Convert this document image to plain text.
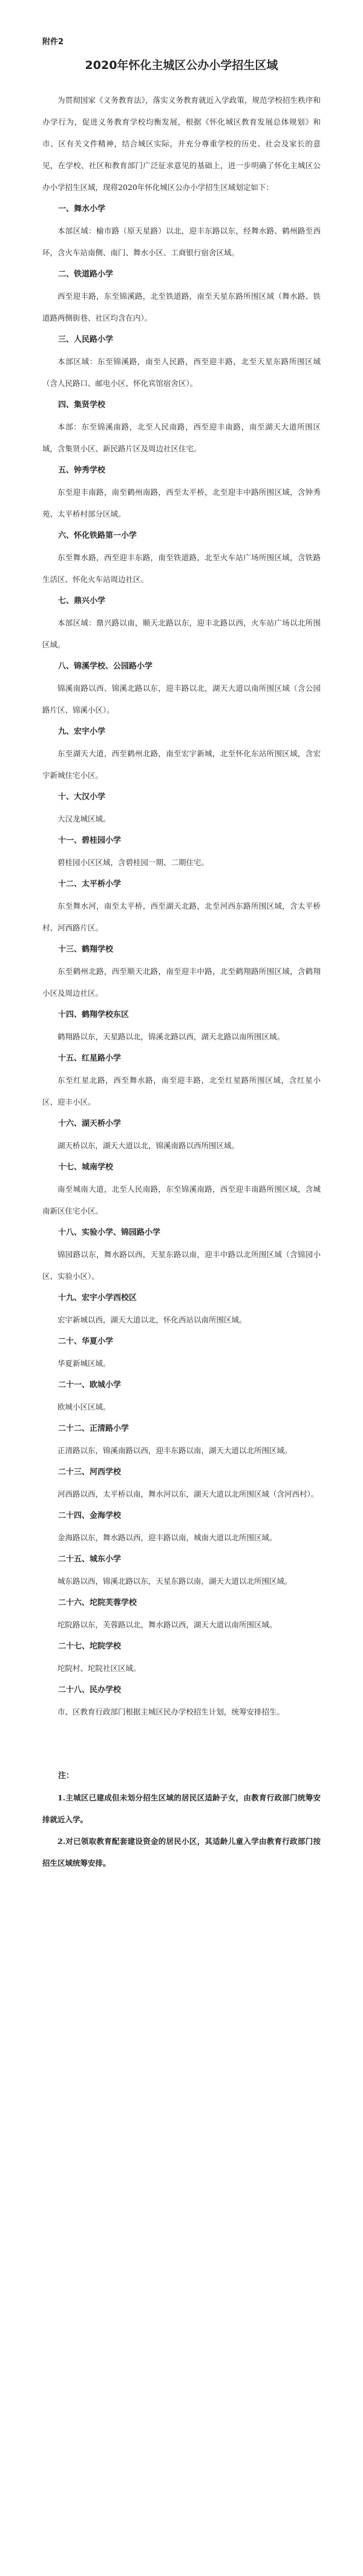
附件2
2020年怀化主城区公办小学招生区域

为贯彻国家《义务教育法》，落实义务教育就近入学政策，规范学校招生秩序和办学行为，促进义务教育学校均衡发展，根据《怀化城区教育发展总体规划》和市、区有关文件精神，结合城区实际，并充分尊重学校的历史、社会及家长的意见，在学校、社区和教育部门广泛征求意见的基础上，进一步明确了怀化主城区公办小学招生区域，现将2020年怀化城区公办小学招生区域划定如下：

一、舞水小学

本部区域：榆市路（原天星路）以北，迎丰东路以东，经舞水路、鹤州路至西环，含火车站南侧、南门、舞水小区、工商银行宿舍区域。

二、铁道路小学

西至迎丰路，东至锦溪路，北至铁道路，南至天星东路所围区域（舞水路、铁道路两侧街巷、社区均含在内）。

三、人民路小学

本部区域：东至锦溪路，南至人民路，西至迎丰路，北至天星东路所围区域（含人民路口、邮电小区、怀化宾馆宿舍区）。

四、集贤学校

本部：东至锦溪南路，北至人民南路，西至迎丰南路，南至湖天大道所围区域，含集贤小区、新民路片区及周边社区住宅。

五、钟秀学校

东至迎丰南路，南至鹤州南路，西至太平桥，北至迎丰中路所围区域，含钟秀苑、太平桥村部分区域。

六、怀化铁路第一小学

东至舞水路，西至迎丰东路，南至铁道路，北至火车站广场所围区域，含铁路生活区、怀化火车站周边社区。

七、鼎兴小学

本部区域：鼎兴路以南，顺天北路以东，迎丰北路以西，火车站广场以北所围区域。

八、锦溪学校、公园路小学

锦溪南路以西、锦溪北路以东，迎丰路以北，湖天大道以南所围区域（含公园路片区、锦溪小区）。

九、宏宇小学

东至湖天大道，西至鹤州北路，南至宏宇新城，北至怀化东站所围区域，含宏宇新城住宅小区。

十、大汉小学

大汉龙城区域。

十一、碧桂园小学

碧桂园小区区域，含碧桂园一期、二期住宅。

十二、太平桥小学

东至舞水河，南至太平桥，西至湖天北路，北至河西东路所围区域，含太平桥村、河西路片区。

十三、鹤翔学校

东至鹤州北路，西至顺天北路，南至迎丰中路，北至鹤翔路所围区域，含鹤翔小区及周边社区。

十四、鹤翔学校东区

鹤翔路以东，天星路以北，锦溪北路以西，湖天北路以南所围区域。

十五、红星路小学

东至红星北路，西至舞水路，南至迎丰路，北至红星路所围区域，含红星小区、迎丰小区。

十六、湖天桥小学

湖天桥以东，湖天大道以北，锦溪南路以西所围区域。

十七、城南学校

南至城南大道，北至人民南路，东至锦溪南路，西至迎丰南路所围区域，含城南新区住宅小区。

十八、实验小学、锦园路小学

锦园路以东，舞水路以西，天星东路以南，迎丰中路以北所围区域（含锦园小区、实验小区）。

十九、宏宇小学西校区

宏宇新城以西，湖天大道以北，怀化西站以南所围区域。

二十、华夏小学

华夏新城区域。

二十一、欧城小学

欧城小区区域。

二十二、正清路小学

正清路以东，锦溪南路以西，迎丰东路以南，湖天大道以北所围区域。

二十三、河西学校

河西路以西，太平桥以南，舞水河以东，湖天大道以北所围区域（含河西村）。

二十四、金海学校

金海路以东，舞水路以西，迎丰路以南，城南大道以北所围区域。

二十五、城东小学

城东路以西，锦溪北路以东，天星东路以南，湖天大道以北所围区域。

二十六、坨院芙蓉学校

坨院路以东，芙蓉路以北，舞水路以西，湖天大道以南所围区域。

二十七、坨院学校

坨院村、坨院社区区域。

二十八、民办学校

市、区教育行政部门根据主城区民办学校招生计划，统筹安排招生。

注：

1.主城区已建成但未划分招生区域的居民区适龄子女，由教育行政部门统筹安排就近入学。

2.对已领取教育配套建设资金的居民小区，其适龄儿童入学由教育行政部门按招生区域统筹安排。
